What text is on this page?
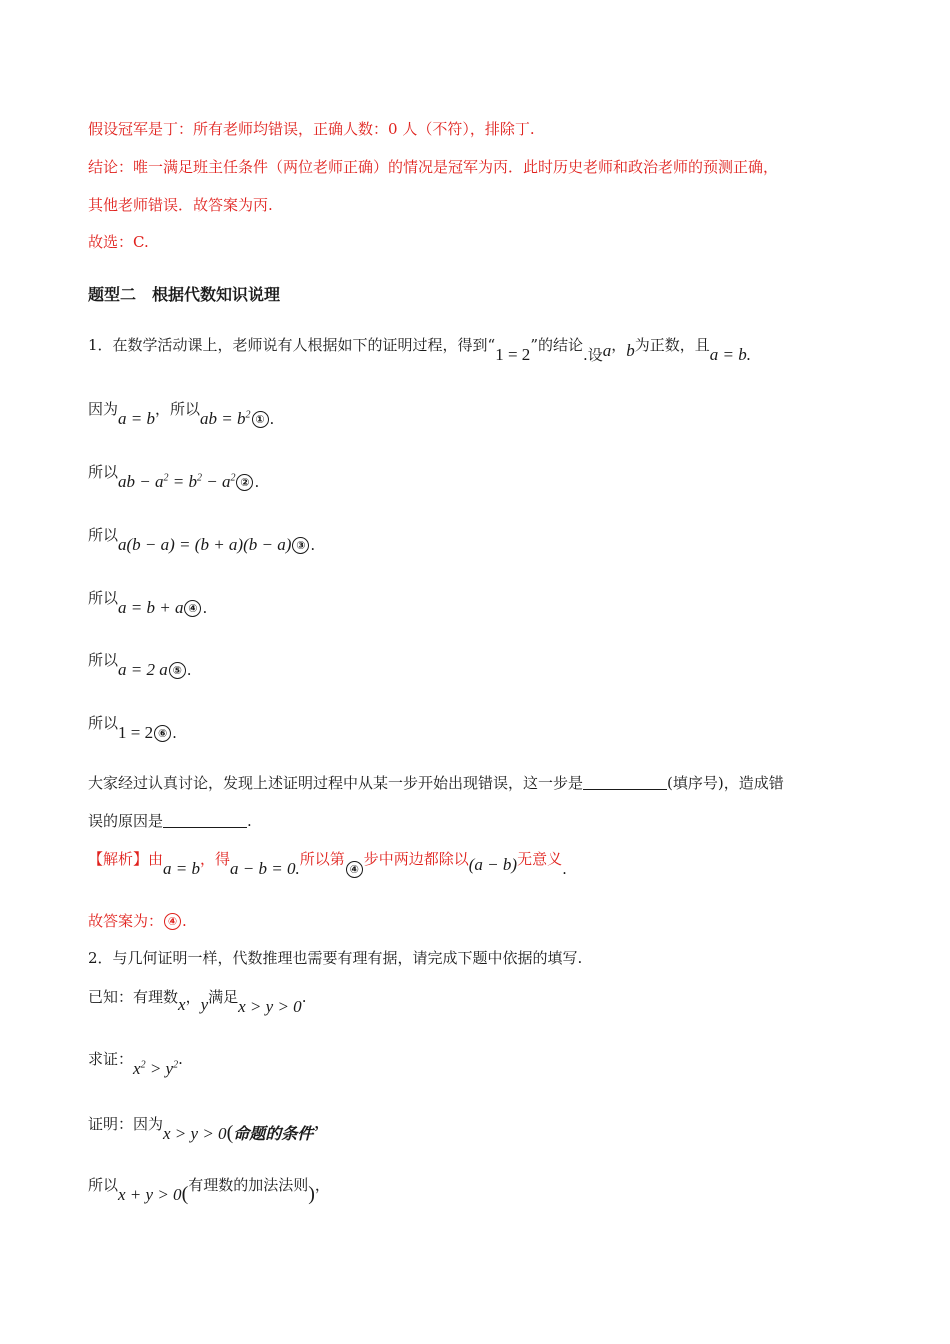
假设冠军是丁：所有老师均错误，正确人数：0 人（不符），排除丁.
结论：唯一满足班主任条件（两位老师正确）的情况是冠军为丙．此时历史老师和政治老师的预测正确，
其他老师错误．故答案为丙.
故选：C.
题型二　根据代数知识说理
1．在数学活动课上，老师说有人根据如下的证明过程，得到“1 = 2”的结论.设a，b为正数，且a = b.
因为a = b，所以ab = $b^2$ ① .
所以ab − $a^2 = b^2 - a^2$ ② .
所以a(b − a) = (b + a)(b − a) ③ .
所以a = b + a ④ .
所以a = 2 a ⑤ .
所以1 = 2 ⑥ .
大家经过认真讨论，发现上述证明过程中从某一步开始出现错误，这一步是	(填序号)，造成错
误的原因是	.
【解析】由a = b，得a − b = 0.所以第④步中两边都除以(a − b)无意义.
故答案为： ④ .
2．与几何证明一样，代数推理也需要有理有据，请完成下题中依据的填写.
已知：有理数x，y满足x > y > 0.
求证：$x^2 > y^2$.
证明：因为x > y > 0(命题的条件’
所以x + y > 0(有理数的加法法则)，
